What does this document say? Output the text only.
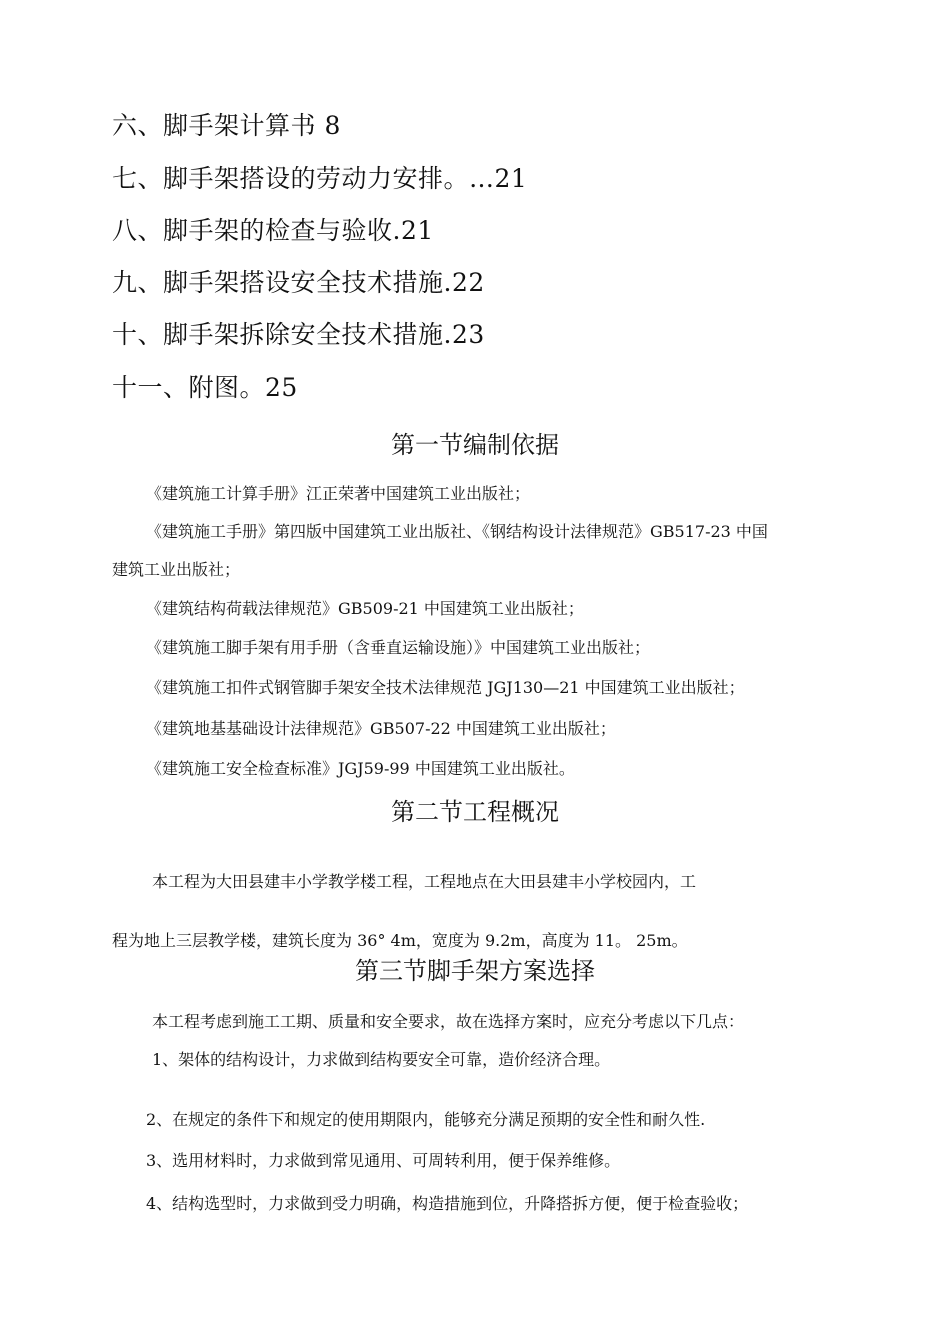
六、脚手架计算书 8
七、脚手架搭设的劳动力安排。…21
八、脚手架的检查与验收.21
九、脚手架搭设安全技术措施.22
十、脚手架拆除安全技术措施.23
十一、附图。25
第一节编制依据
《建筑施工计算手册》江正荣著中国建筑工业出版社；
《建筑施工手册》第四版中国建筑工业出版社、《钢结构设计法律规范》GB517-23 中国
建筑工业出版社；
《建筑结构荷载法律规范》GB509-21 中国建筑工业出版社；
《建筑施工脚手架有用手册（含垂直运输设施）》中国建筑工业出版社；
《建筑施工扣件式钢管脚手架安全技术法律规范 JGJ130—21 中国建筑工业出版社；
《建筑地基基础设计法律规范》GB507-22 中国建筑工业出版社；
《建筑施工安全检查标准》JGJ59-99 中国建筑工业出版社。
第二节工程概况
本工程为大田县建丰小学教学楼工程，工程地点在大田县建丰小学校园内，工
程为地上三层教学楼，建筑长度为 36° 4m，宽度为 9.2m，高度为 11。 25m。
第三节脚手架方案选择
本工程考虑到施工工期、质量和安全要求，故在选择方案时，应充分考虑以下几点：
1、架体的结构设计，力求做到结构要安全可靠，造价经济合理。
2、在规定的条件下和规定的使用期限内，能够充分满足预期的安全性和耐久性.
3、选用材料时，力求做到常见通用、可周转利用，便于保养维修。
4、结构选型时，力求做到受力明确，构造措施到位，升降搭拆方便，便于检查验收；
